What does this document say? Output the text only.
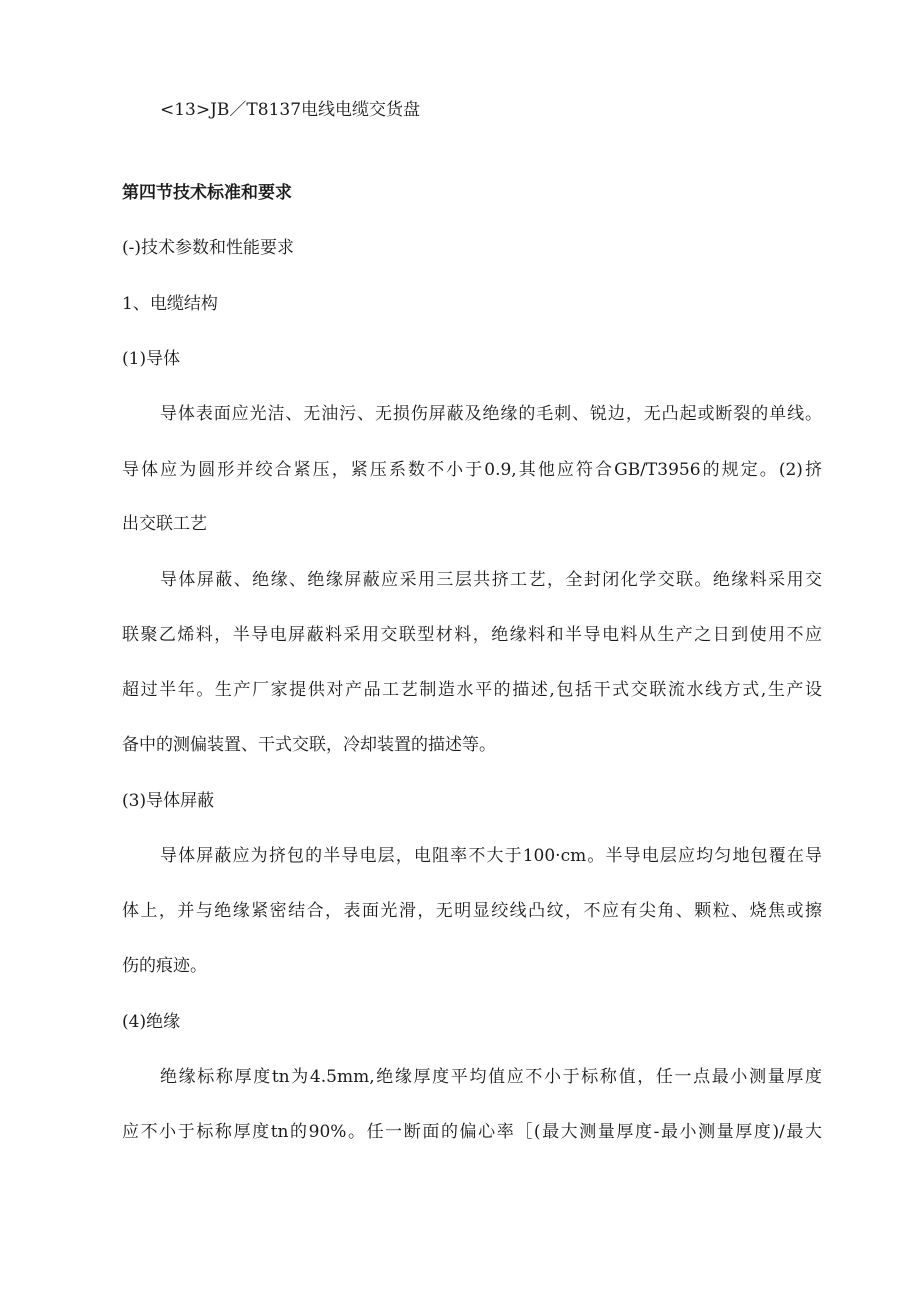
<13>JB／T8137电线电缆交货盘
第四节技术标准和要求
(-)技术参数和性能要求
1、电缆结构
(1)导体
导体表面应光洁、无油污、无损伤屏蔽及绝缘的毛刺、锐边，无凸起或断裂的单线。
导体应为圆形并绞合紧压，紧压系数不小于0.9,其他应符合GB/T3956的规定。(2)挤
出交联工艺
导体屏蔽、绝缘、绝缘屏蔽应采用三层共挤工艺，全封闭化学交联。绝缘料采用交
联聚乙烯料，半导电屏蔽料采用交联型材料，绝缘料和半导电料从生产之日到使用不应
超过半年。生产厂家提供对产品工艺制造水平的描述,包括干式交联流水线方式,生产设
备中的测偏装置、干式交联，冷却装置的描述等。
(3)导体屏蔽
导体屏蔽应为挤包的半导电层，电阻率不大于100·cm。半导电层应均匀地包覆在导
体上，并与绝缘紧密结合，表面光滑，无明显绞线凸纹，不应有尖角、颗粒、烧焦或擦
伤的痕迹。
(4)绝缘
绝缘标称厚度tn为4.5mm,绝缘厚度平均值应不小于标称值，任一点最小测量厚度
应不小于标称厚度tn的90%。任一断面的偏心率［(最大测量厚度-最小测量厚度)/最大
